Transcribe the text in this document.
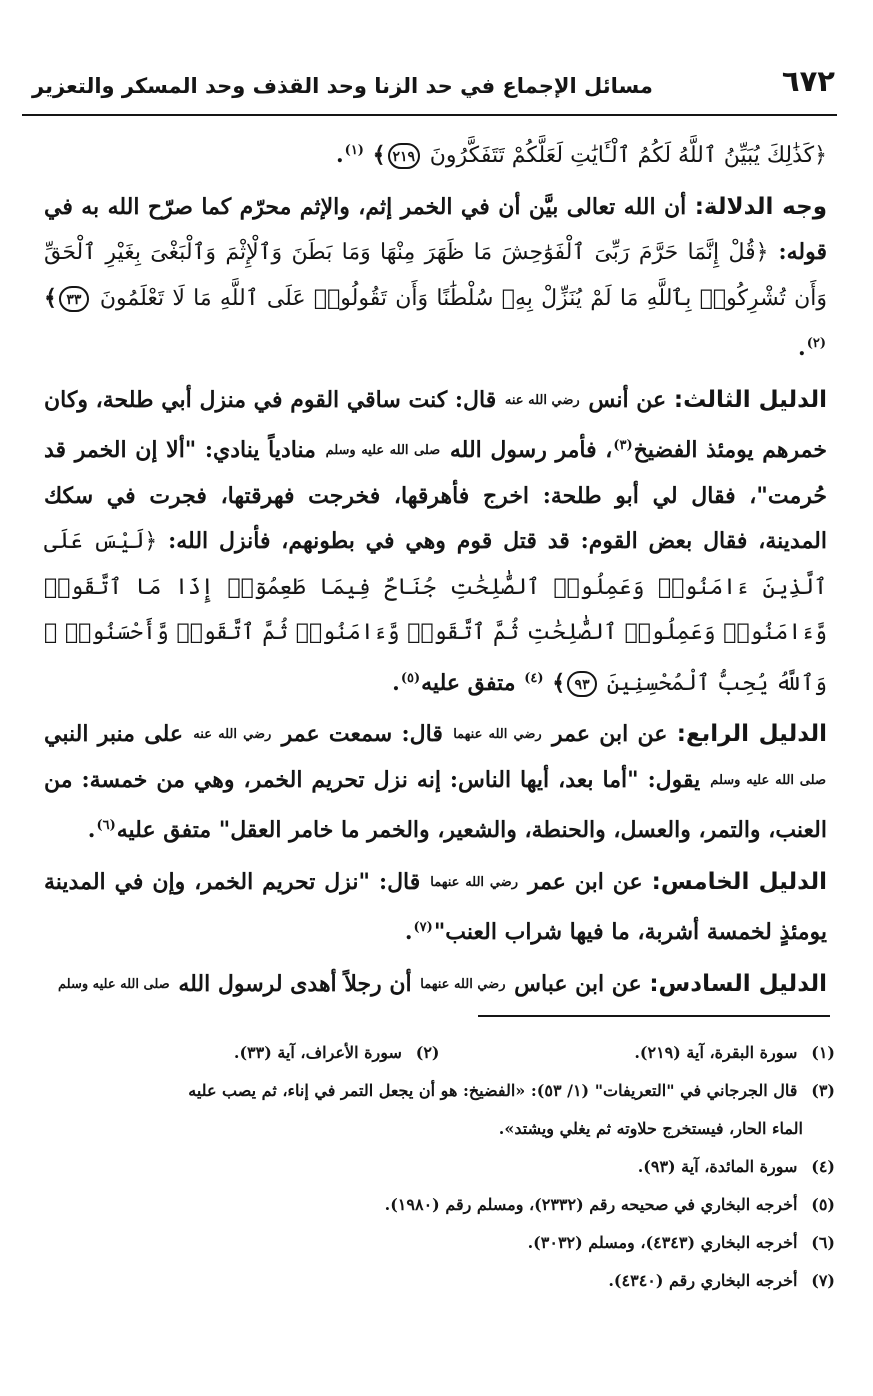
٦٧٢
مسائل الإجماع في حد الزنا وحد القذف وحد المسكر والتعزير

﴿كَذَٰلِكَ يُبَيِّنُ ٱللَّهُ لَكُمُ ٱلْـَٔايَٰتِ لَعَلَّكُمْ تَتَفَكَّرُونَ ٢١٩﴾ $^{(١)}$.

وجه الدلالة: أن الله تعالى بيَّن أن في الخمر إثم، والإثم محرّم كما صرّح الله به في قوله: ﴿قُلْ إِنَّمَا حَرَّمَ رَبِّىَ ٱلْفَوَٰحِشَ مَا ظَهَرَ مِنْهَا وَمَا بَطَنَ وَٱلْإِثْمَ وَٱلْبَغْىَ بِغَيْرِ ٱلْحَقِّ وَأَن تُشْرِكُوا۟ بِٱللَّهِ مَا لَمْ يُنَزِّلْ بِهِۦ سُلْطَٰنًا وَأَن تَقُولُوا۟ عَلَى ٱللَّهِ مَا لَا تَعْلَمُونَ ٣٣﴾ $^{(٢)}$.

الدليل الثالث: عن أنس رضي الله عنه قال: كنت ساقي القوم في منزل أبي طلحة، وكان خمرهم يومئذ الفضيخ$^{(٣)}$، فأمر رسول الله صلى الله عليه وسلم منادياً ينادي: "ألا إن الخمر قد حُرمت"، فقال لي أبو طلحة: اخرج فأهرقها، فخرجت فهرقتها، فجرت في سكك المدينة، فقال بعض القوم: قد قتل قوم وهي في بطونهم، فأنزل الله: ﴿لَيْسَ عَلَى ٱلَّذِينَ ءَامَنُوا۟ وَعَمِلُوا۟ ٱلصَّٰلِحَٰتِ جُنَاحٌ فِيمَا طَعِمُوٓا۟ إِذَا مَا ٱتَّقَوا۟ وَّءَامَنُوا۟ وَعَمِلُوا۟ ٱلصَّٰلِحَٰتِ ثُمَّ ٱتَّقَوا۟ وَّءَامَنُوا۟ ثُمَّ ٱتَّقَوا۟ وَّأَحْسَنُوا۟ ۗ وَٱللَّهُ يُحِبُّ ٱلْمُحْسِنِينَ ٩٣﴾ $^{(٤)}$ متفق عليه$^{(٥)}$.

الدليل الرابع: عن ابن عمر رضي الله عنهما قال: سمعت عمر رضي الله عنه على منبر النبي صلى الله عليه وسلم يقول: "أما بعد، أيها الناس: إنه نزل تحريم الخمر، وهي من خمسة: من العنب، والتمر، والعسل، والحنطة، والشعير، والخمر ما خامر العقل" متفق عليه$^{(٦)}$.

الدليل الخامس: عن ابن عمر رضي الله عنهما قال: "نزل تحريم الخمر، وإن في المدينة يومئذٍ لخمسة أشربة، ما فيها شراب العنب"$^{(٧)}$.

الدليل السادس: عن ابن عباس رضي الله عنهما أن رجلاً أهدى لرسول الله صلى الله عليه وسلم

(١) سورة البقرة، آية (٢١٩).
(٢) سورة الأعراف، آية (٣٣).
(٣) قال الجرجاني في "التعريفات" (١/ ٥٣): «الفضيخ: هو أن يجعل التمر في إناء، ثم يصب عليه
الماء الحار، فيستخرج حلاوته ثم يغلي ويشتد».
(٤) سورة المائدة، آية (٩٣).
(٥) أخرجه البخاري في صحيحه رقم (٢٣٣٢)، ومسلم رقم (١٩٨٠).
(٦) أخرجه البخاري (٤٣٤٣)، ومسلم (٣٠٣٢).
(٧) أخرجه البخاري رقم (٤٣٤٠).
